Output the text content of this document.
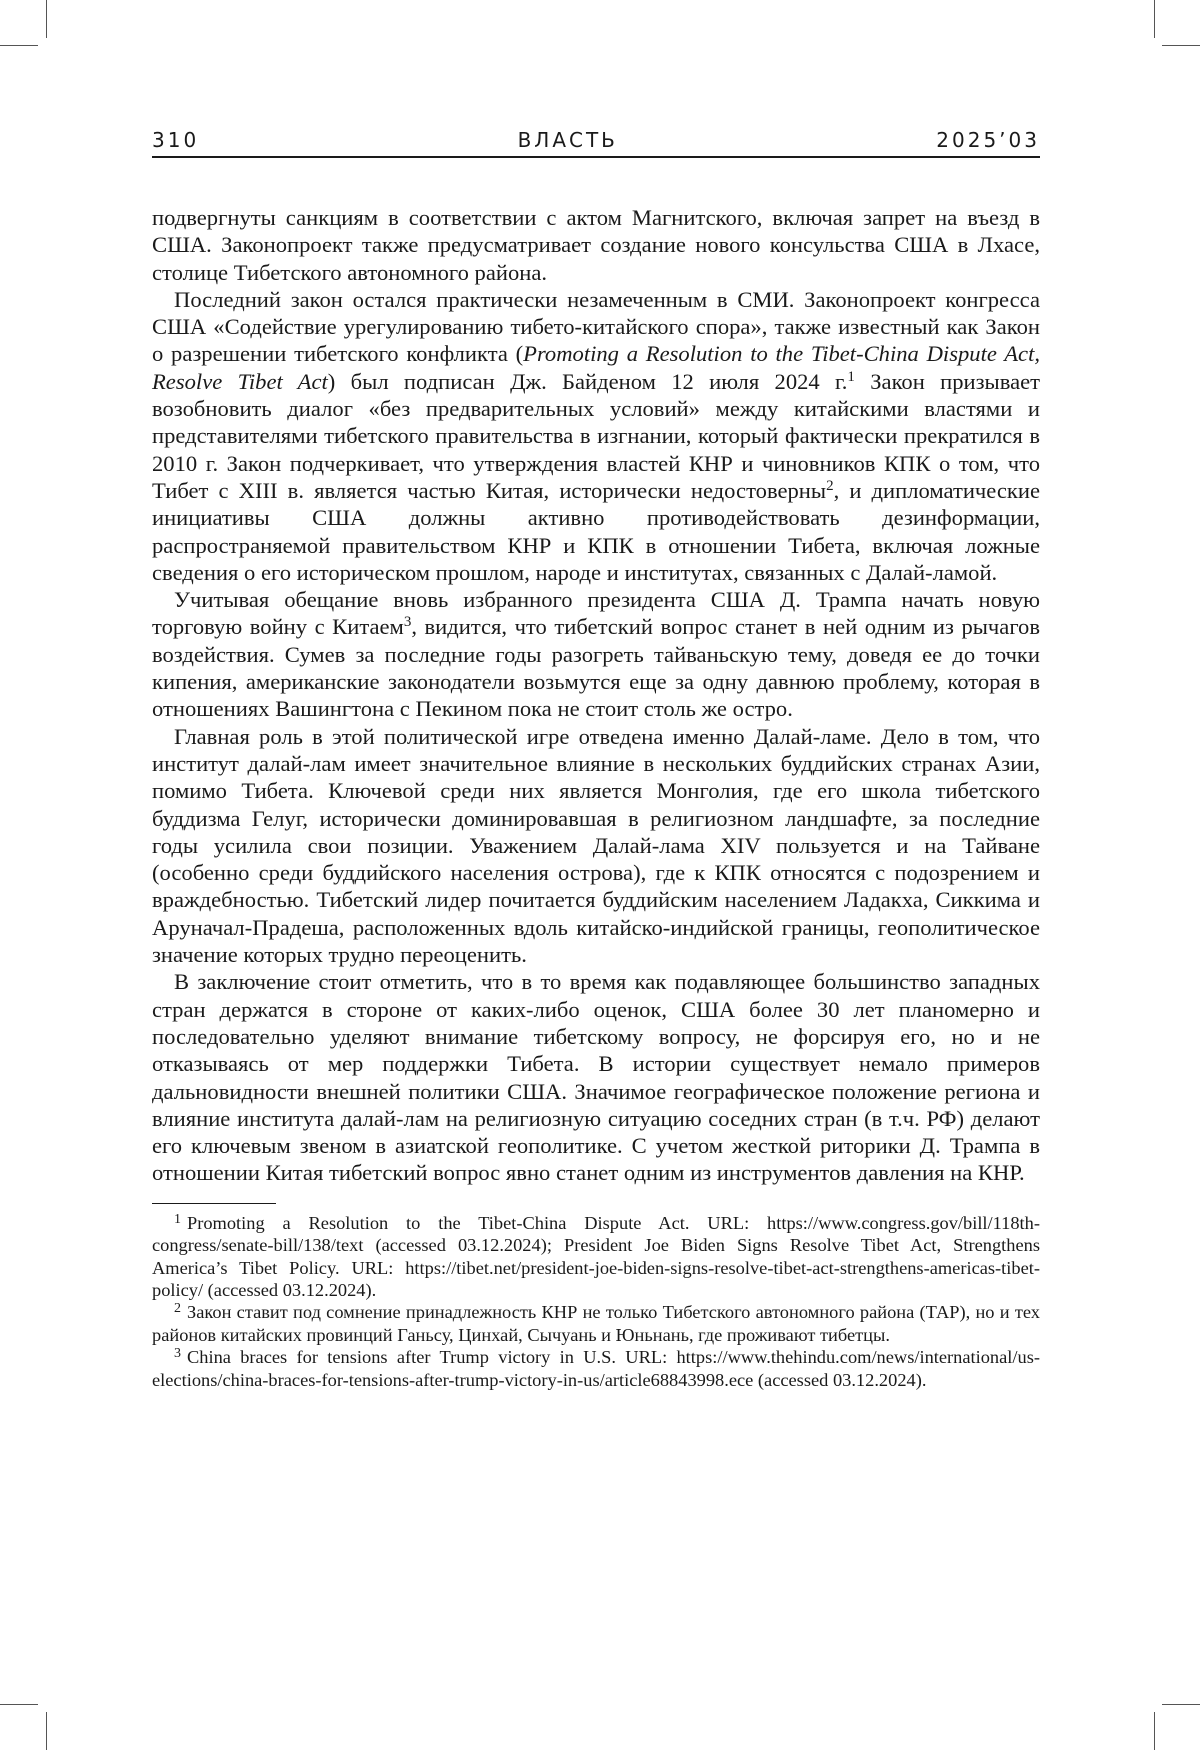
310	ВЛАСТЬ	2025’03

подвергнуты санкциям в соответствии с актом Магнитского, включая запрет на въезд в США. Законопроект также предусматривает создание нового консульства США в Лхасе, столице Тибетского автономного района.

Последний закон остался практически незамеченным в СМИ. Законопроект конгресса США «Содействие урегулированию тибето-китайского спора», также известный как Закон о разрешении тибетского конфликта (Promoting a Resolution to the Tibet-China Dispute Act, Resolve Tibet Act) был подписан Дж. Байденом 12 июля 2024 г.1 Закон призывает возобновить диалог «без предварительных условий» между китайскими властями и представителями тибетского правительства в изгнании, который фактически прекратился в 2010 г. Закон подчеркивает, что утверждения властей КНР и чиновников КПК о том, что Тибет с XIII в. является частью Китая, исторически недостоверны2, и дипломатические инициативы США должны активно противодействовать дезинформации, распространяемой правительством КНР и КПК в отношении Тибета, включая ложные сведения о его историческом прошлом, народе и институтах, связанных с Далай-ламой.

Учитывая обещание вновь избранного президента США Д. Трампа начать новую торговую войну с Китаем3, видится, что тибетский вопрос станет в ней одним из рычагов воздействия. Сумев за последние годы разогреть тайваньскую тему, доведя ее до точки кипения, американские законодатели возьмутся еще за одну давнюю проблему, которая в отношениях Вашингтона с Пекином пока не стоит столь же остро.

Главная роль в этой политической игре отведена именно Далай-ламе. Дело в том, что институт далай-лам имеет значительное влияние в нескольких буддийских странах Азии, помимо Тибета. Ключевой среди них является Монголия, где его школа тибетского буддизма Гелуг, исторически доминировавшая в религиозном ландшафте, за последние годы усилила свои позиции. Уважением Далай-лама XIV пользуется и на Тайване (особенно среди буддийского населения острова), где к КПК относятся с подозрением и враждебностью. Тибетский лидер почитается буддийским населением Ладакха, Сиккима и Аруначал-Прадеша, расположенных вдоль китайско-индийской границы, геополитическое значение которых трудно переоценить.

В заключение стоит отметить, что в то время как подавляющее большинство западных стран держатся в стороне от каких-либо оценок, США более 30 лет планомерно и последовательно уделяют внимание тибетскому вопросу, не форсируя его, но и не отказываясь от мер поддержки Тибета. В истории существует немало примеров дальновидности внешней политики США. Значимое географическое положение региона и влияние института далай-лам на религиозную ситуацию соседних стран (в т.ч. РФ) делают его ключевым звеном в азиатской геополитике. С учетом жесткой риторики Д. Трампа в отношении Китая тибетский вопрос явно станет одним из инструментов давления на КНР.

1 Promoting a Resolution to the Tibet-China Dispute Act. URL: https://www.congress.gov/bill/118th-congress/senate-bill/138/text (accessed 03.12.2024); President Joe Biden Signs Resolve Tibet Act, Strengthens America’s Tibet Policy. URL: https://tibet.net/president-joe-biden-signs-resolve-tibet-act-strengthens-americas-tibet-policy/ (accessed 03.12.2024).

2 Закон ставит под сомнение принадлежность КНР не только Тибетского автономного района (ТАР), но и тех районов китайских провинций Ганьсу, Цинхай, Сычуань и Юньнань, где проживают тибетцы.

3 China braces for tensions after Trump victory in U.S. URL: https://www.thehindu.com/news/international/us-elections/china-braces-for-tensions-after-trump-victory-in-us/article68843998.ece (accessed 03.12.2024).
